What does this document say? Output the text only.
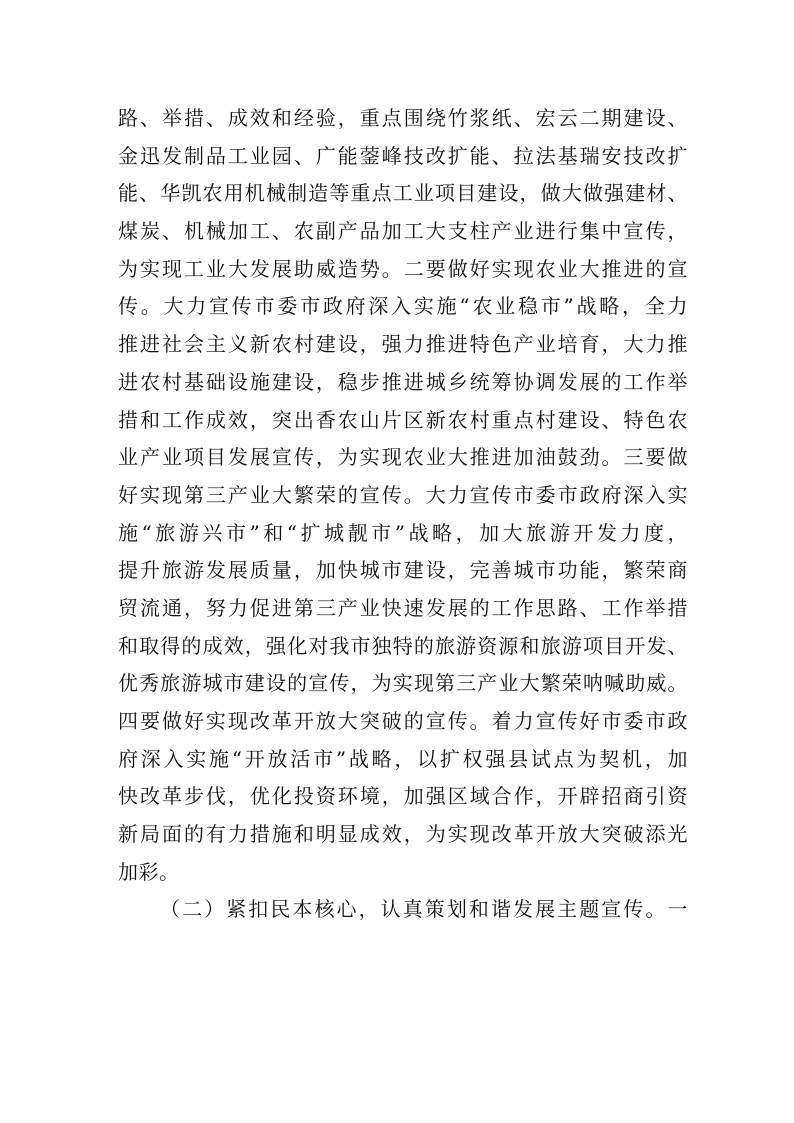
路、举措、成效和经验，重点围绕竹浆纸、宏云二期建设、
金迅发制品工业园、广能蓥峰技改扩能、拉法基瑞安技改扩
能、华凯农用机械制造等重点工业项目建设，做大做强建材、
煤炭、机械加工、农副产品加工大支柱产业进行集中宣传，
为实现工业大发展助威造势。二要做好实现农业大推进的宣
传。大力宣传市委市政府深入实施“农业稳市”战略，全力
推进社会主义新农村建设，强力推进特色产业培育，大力推
进农村基础设施建设，稳步推进城乡统筹协调发展的工作举
措和工作成效，突出香农山片区新农村重点村建设、特色农
业产业项目发展宣传，为实现农业大推进加油鼓劲。三要做
好实现第三产业大繁荣的宣传。大力宣传市委市政府深入实
施“旅游兴市”和“扩城靓市”战略，加大旅游开发力度，
提升旅游发展质量，加快城市建设，完善城市功能，繁荣商
贸流通，努力促进第三产业快速发展的工作思路、工作举措
和取得的成效，强化对我市独特的旅游资源和旅游项目开发、
优秀旅游城市建设的宣传，为实现第三产业大繁荣呐喊助威。
四要做好实现改革开放大突破的宣传。着力宣传好市委市政
府深入实施“开放活市”战略，以扩权强县试点为契机，加
快改革步伐，优化投资环境，加强区域合作，开辟招商引资
新局面的有力措施和明显成效，为实现改革开放大突破添光
加彩。
（二）紧扣民本核心，认真策划和谐发展主题宣传。一
